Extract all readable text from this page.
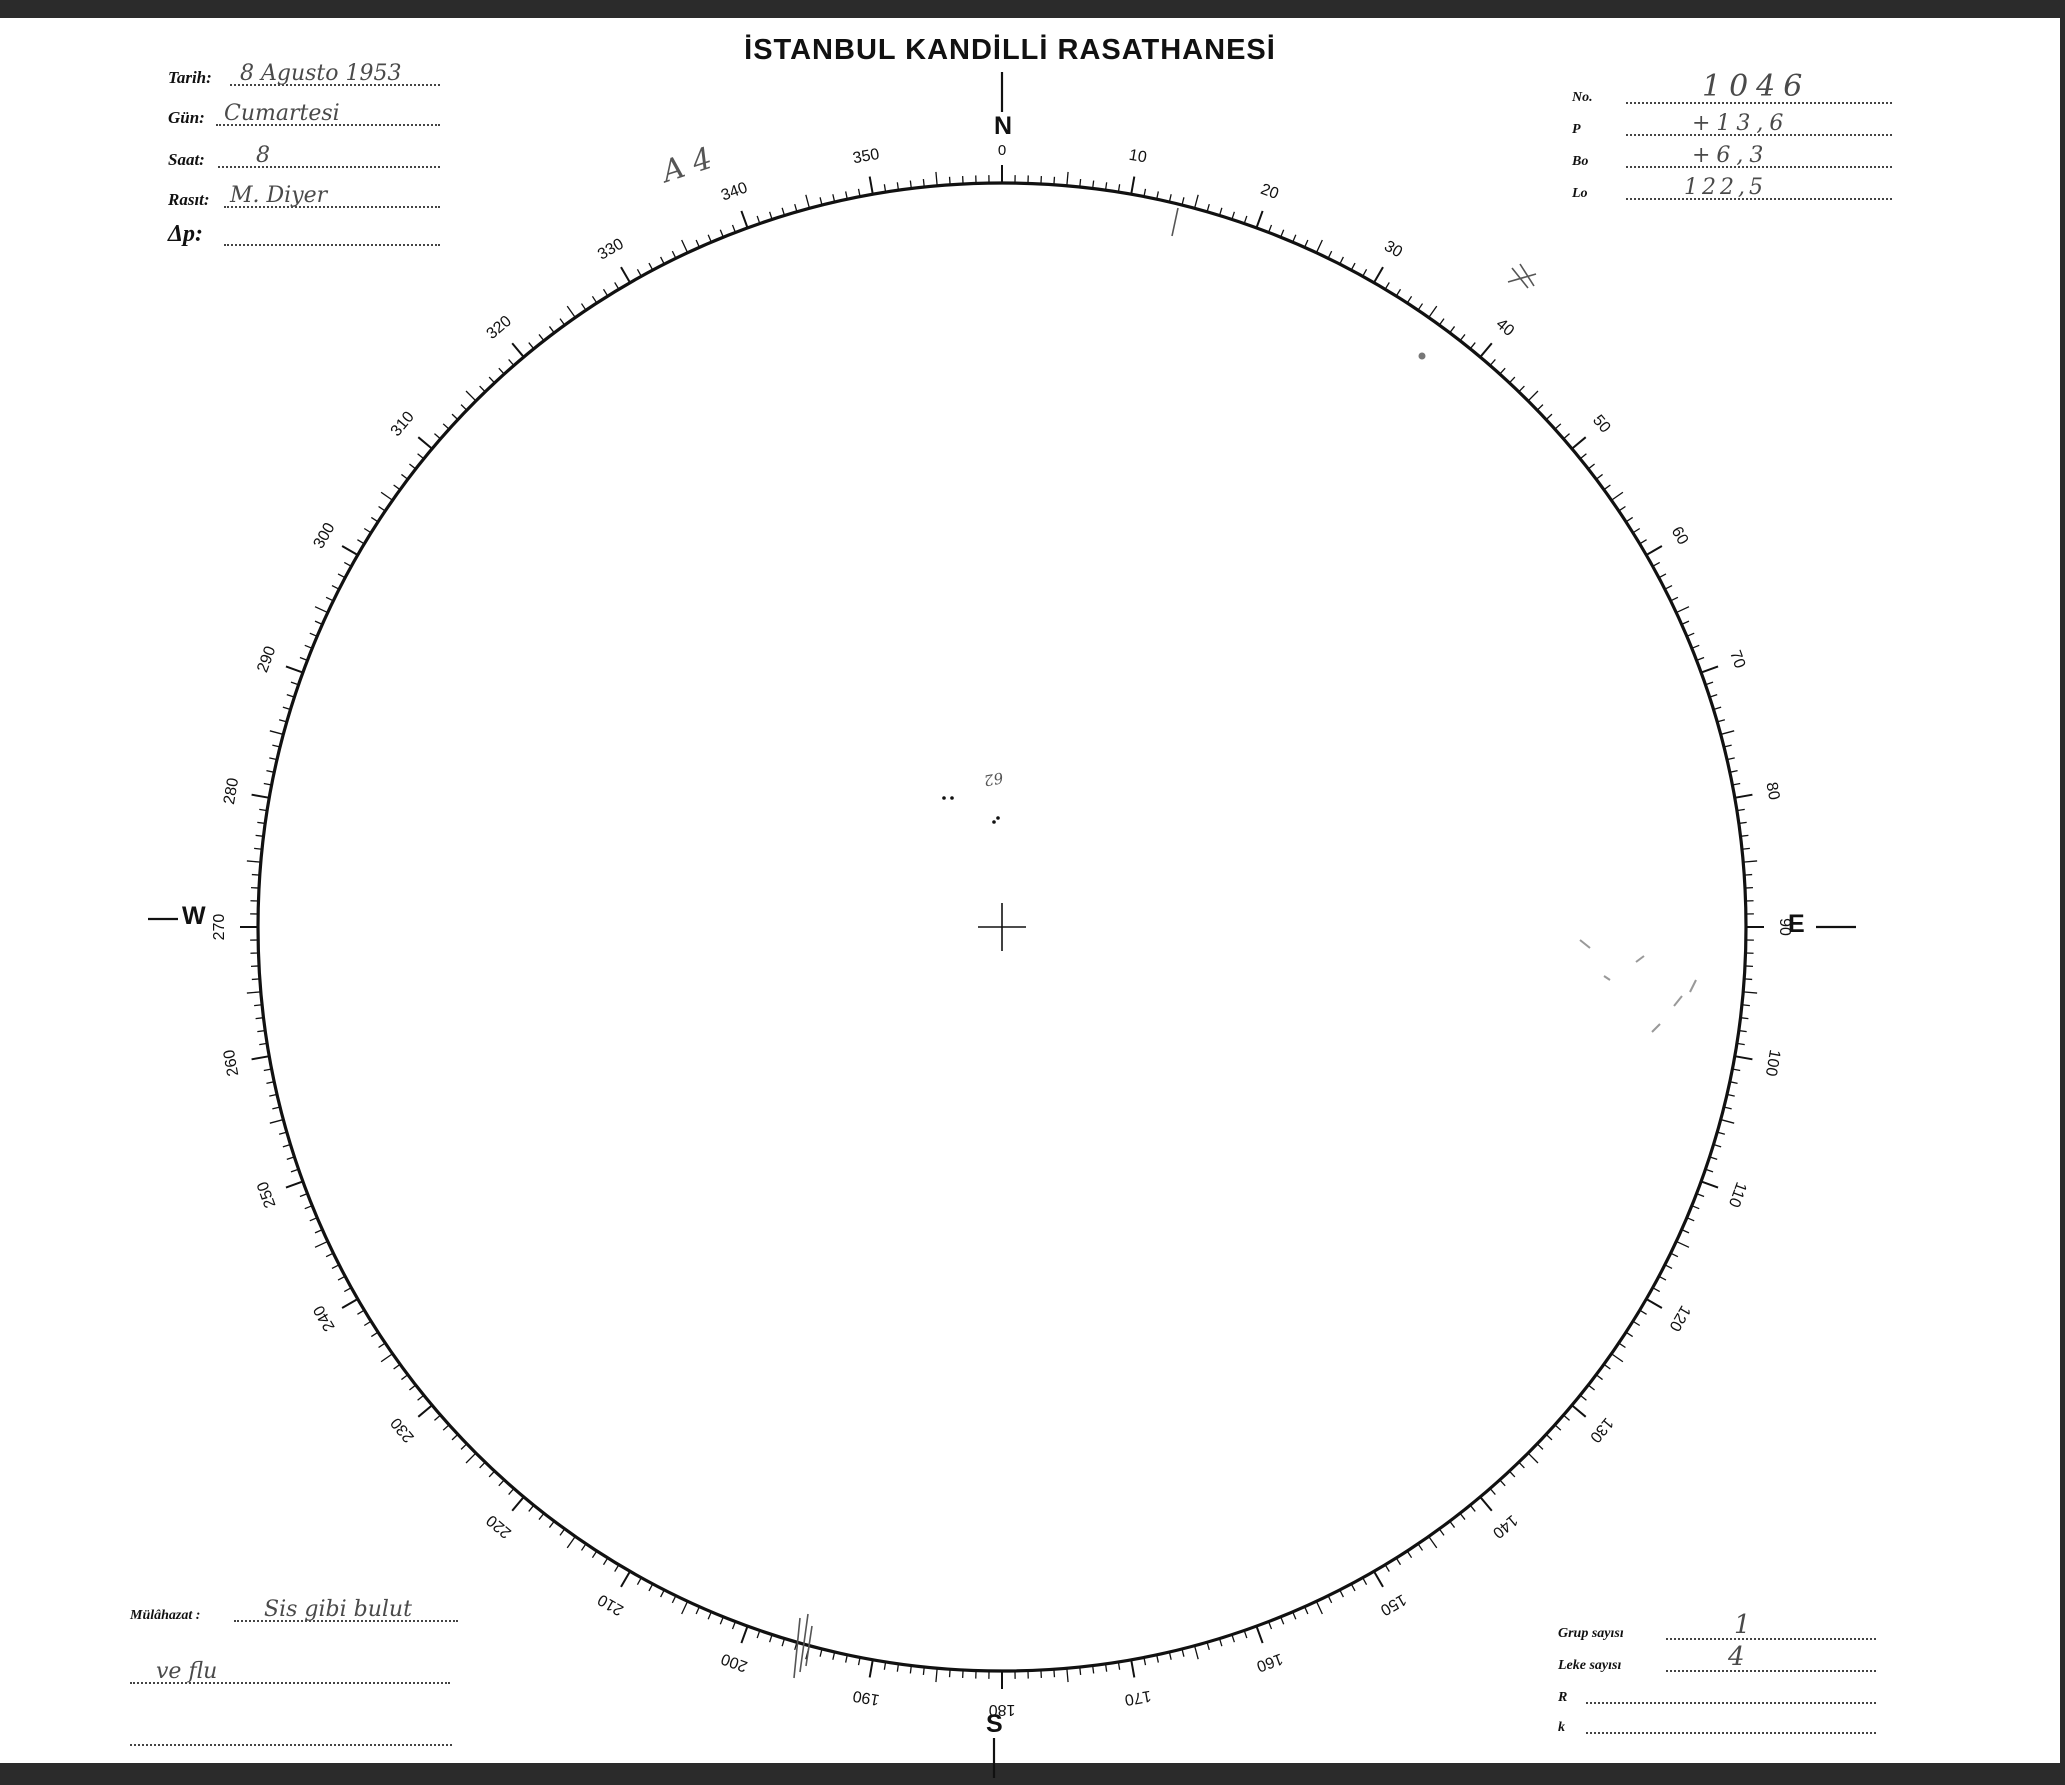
10
20
30
40
50
60
70
80
90
100
110
120
130
140
150
160
170
180
190
200
210
220
230
240
250
260
270
280
290
300
310
320
330
340
350	0
İSTANBUL KANDİLLİ RASATHANESİ
Tarih: 8 Agusto 1953
Gün: Cumartesi
Saat: 8
Rasıt: M. Diyer
Δp:
No.	1046
P	+13,6
Bo	+6,3
Lo	122,5
N
S
E
W
A 4
62
Mülâhazat :	Sis gibi bulut
ve flu
Grup sayısı	1
Leke sayısı	4
R
k
